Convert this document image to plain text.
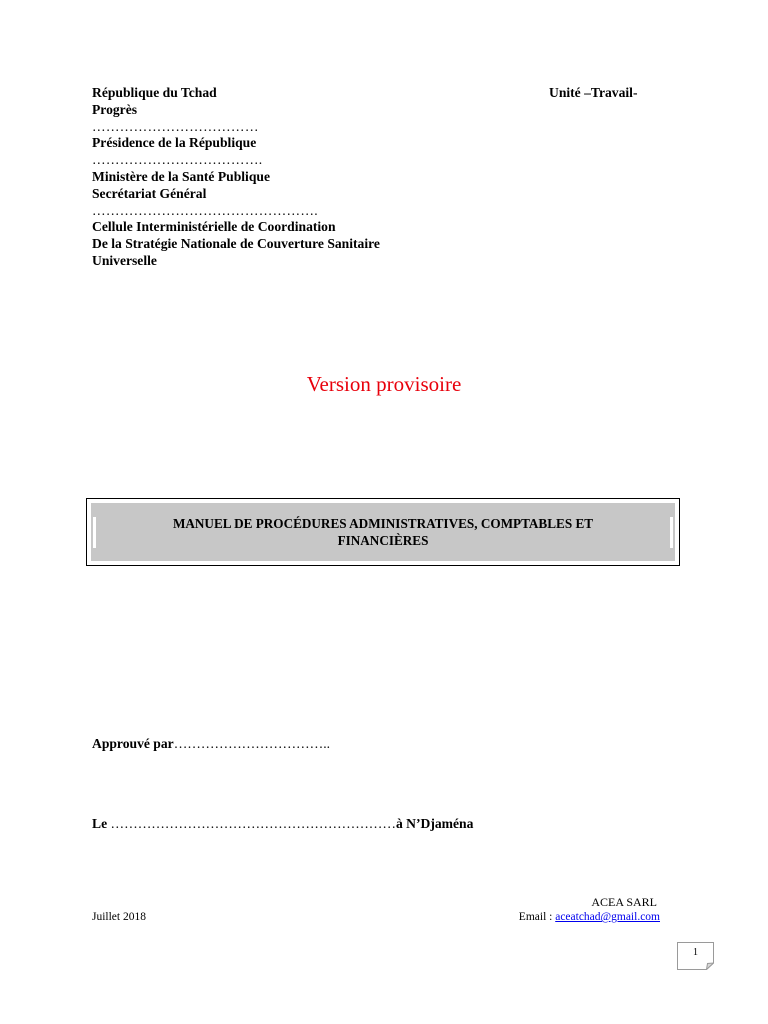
République du Tchad	Unité –Travail-
Progrès
………………………………
Présidence de la République
……………………………….
Ministère de la Santé Publique
Secrétariat Général
………………………………………….
Cellule Interministérielle de Coordination
De la Stratégie Nationale de Couverture Sanitaire
Universelle
Version provisoire
MANUEL DE PROCÉDURES ADMINISTRATIVES, COMPTABLES ET
FINANCIÈRES
Approuvé par……………………………..
Le ………………………………………………………à N’Djaména
ACEA SARL
Juillet 2018	Email : aceatchad@gmail.com
1
